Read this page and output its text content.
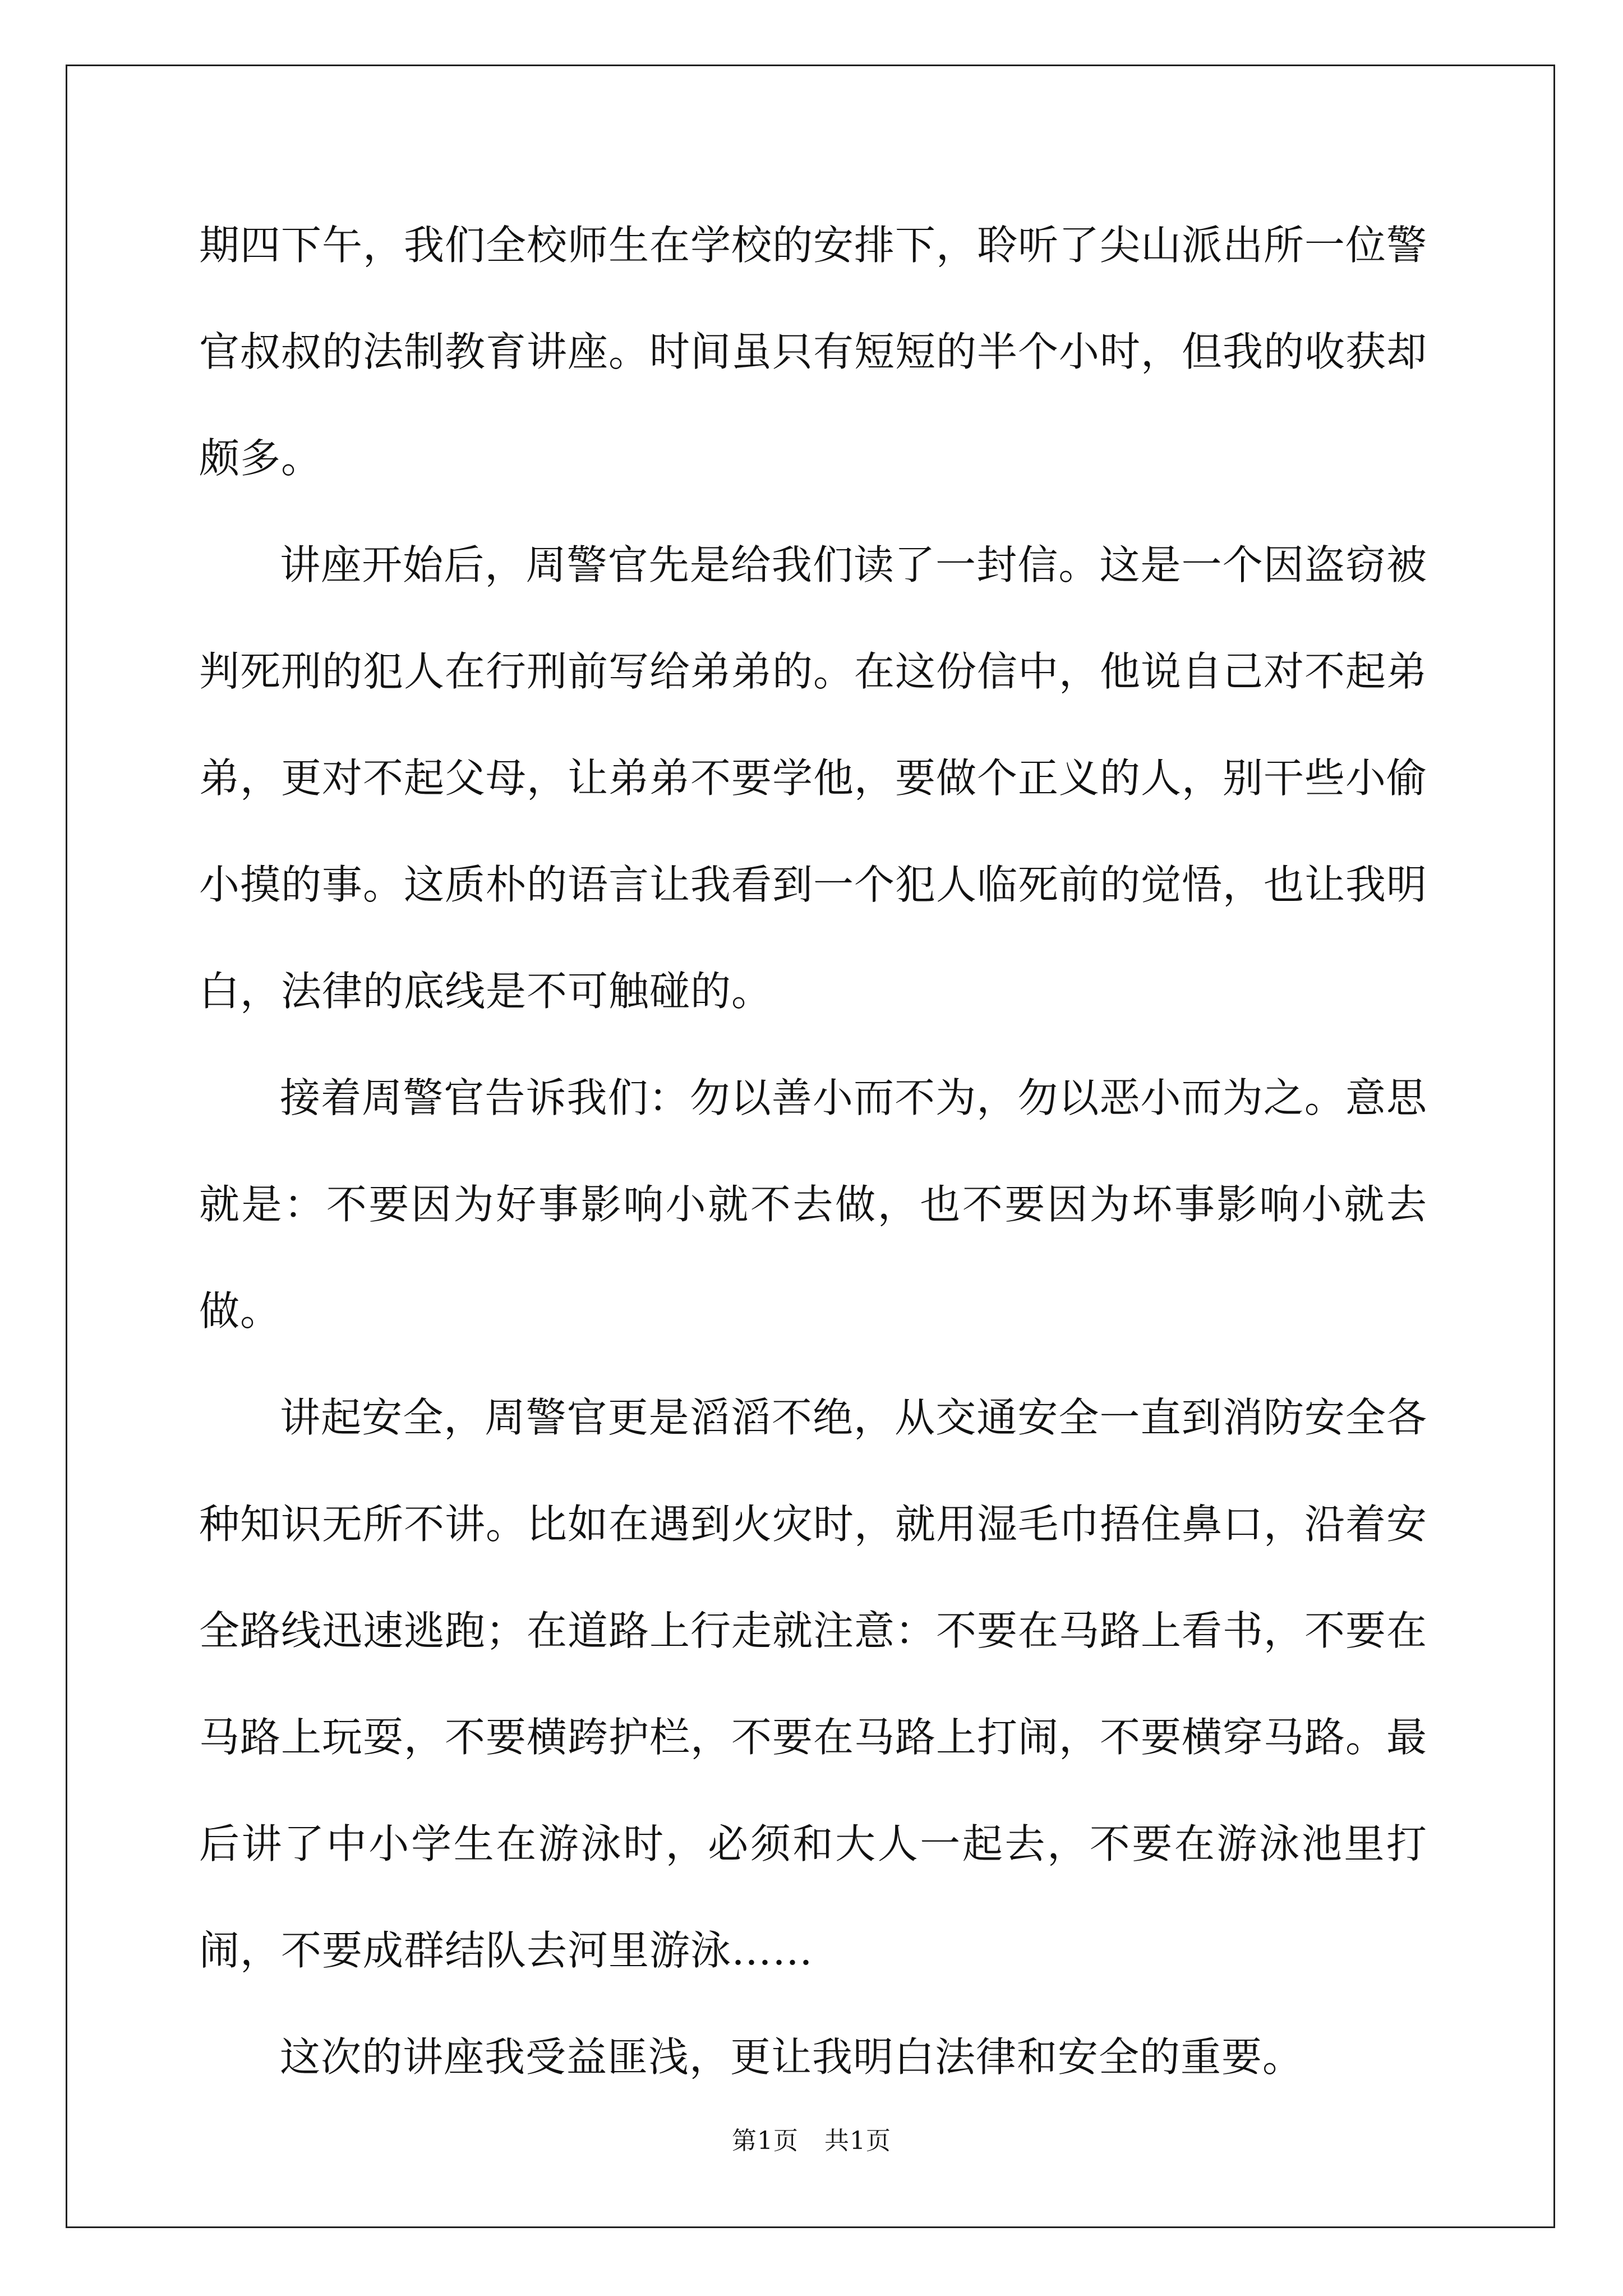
期四下午，我们全校师生在学校的安排下，聆听了尖山派出所一位警官叔叔的法制教育讲座。时间虽只有短短的半个小时，但我的收获却颇多。

讲座开始后，周警官先是给我们读了一封信。这是一个因盗窃被判死刑的犯人在行刑前写给弟弟的。在这份信中，他说自己对不起弟弟，更对不起父母，让弟弟不要学他，要做个正义的人，别干些小偷小摸的事。这质朴的语言让我看到一个犯人临死前的觉悟，也让我明白，法律的底线是不可触碰的。

接着周警官告诉我们：勿以善小而不为，勿以恶小而为之。意思就是：不要因为好事影响小就不去做，也不要因为坏事影响小就去做。

讲起安全，周警官更是滔滔不绝，从交通安全一直到消防安全各种知识无所不讲。比如在遇到火灾时，就用湿毛巾捂住鼻口，沿着安全路线迅速逃跑；在道路上行走就注意：不要在马路上看书，不要在马路上玩耍，不要横跨护栏，不要在马路上打闹，不要横穿马路。最后讲了中小学生在游泳时，必须和大人一起去，不要在游泳池里打闹，不要成群结队去河里游泳……

这次的讲座我受益匪浅，更让我明白法律和安全的重要。

第1页 共1页
